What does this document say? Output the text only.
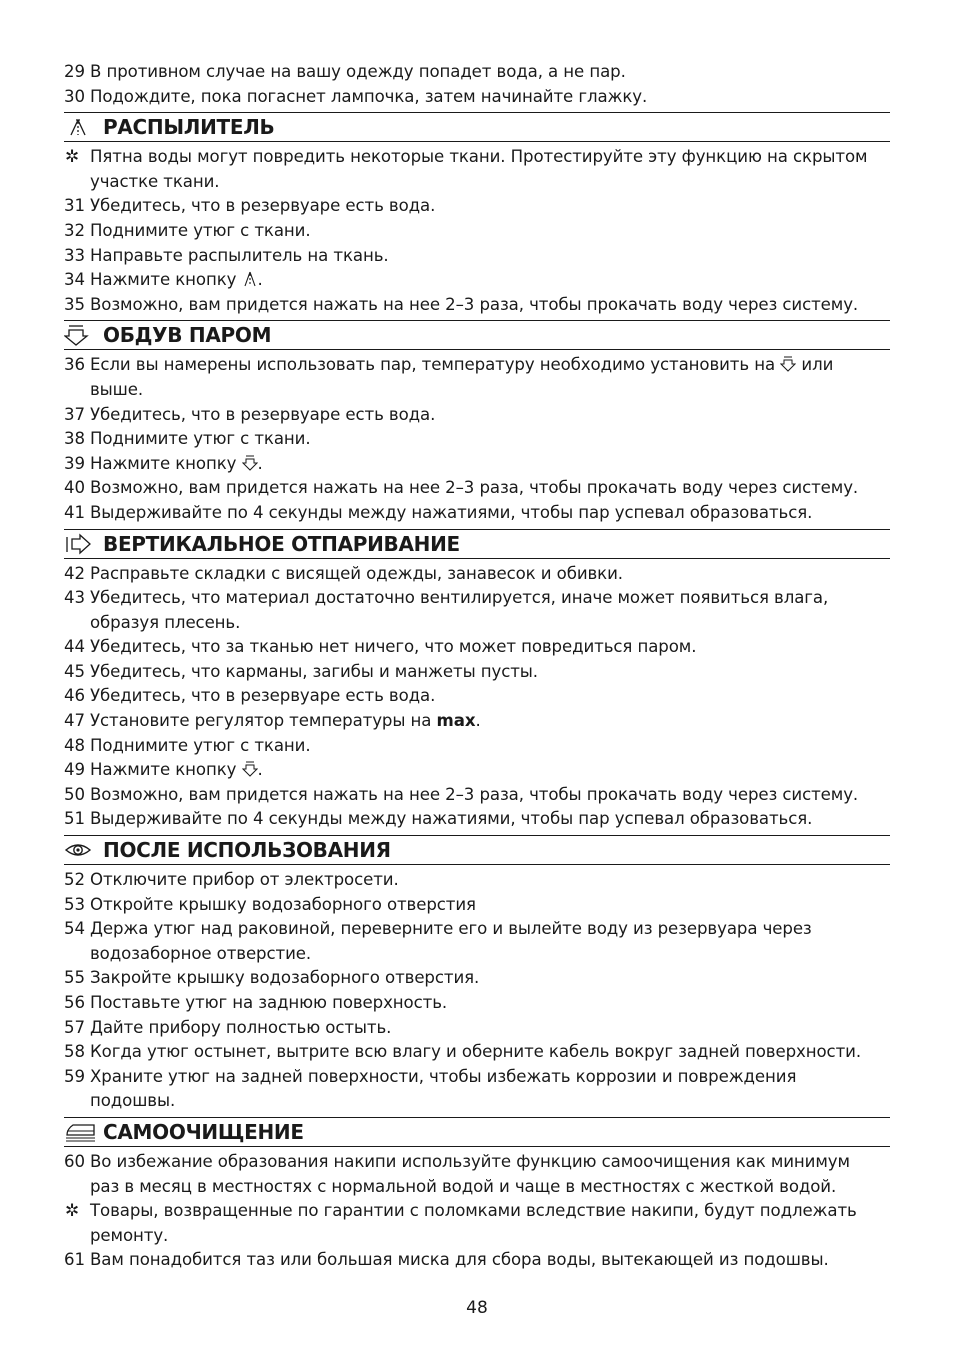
29 В противном случае на вашу одежду попадет вода, а не пар.
30 Подождите, пока погаснет лампочка, затем начинайте глажку.
РАСПЫЛИТЕЛЬ
✲ Пятна воды могут повредить некоторые ткани. Протестируйте эту функцию на скрытом
участке ткани.
31 Убедитесь, что в резервуаре есть вода.
32 Поднимите утюг с ткани.
33 Направьте распылитель на ткань.
34 Нажмите кнопку .
35 Возможно, вам придется нажать на нее 2–3 раза, чтобы прокачать воду через систему.
ОБДУВ ПАРОМ
36 Если вы намерены использовать пар, температуру необходимо установить на  или
выше.
37 Убедитесь, что в резервуаре есть вода.
38 Поднимите утюг с ткани.
39 Нажмите кнопку .
40 Возможно, вам придется нажать на нее 2–3 раза, чтобы прокачать воду через систему.
41 Выдерживайте по 4 секунды между нажатиями, чтобы пар успевал образоваться.
ВЕРТИКАЛЬНОЕ ОТПАРИВАНИЕ
42 Расправьте складки с висящей одежды, занавесок и обивки.
43 Убедитесь, что материал достаточно вентилируется, иначе может появиться влага,
образуя плесень.
44 Убедитесь, что за тканью нет ничего, что может повредиться паром.
45 Убедитесь, что карманы, загибы и манжеты пусты.
46 Убедитесь, что в резервуаре есть вода.
47 Установите регулятор температуры на max.
48 Поднимите утюг с ткани.
49 Нажмите кнопку .
50 Возможно, вам придется нажать на нее 2–3 раза, чтобы прокачать воду через систему.
51 Выдерживайте по 4 секунды между нажатиями, чтобы пар успевал образоваться.
ПОСЛЕ ИСПОЛЬЗОВАНИЯ
52 Отключите прибор от электросети.
53 Откройте крышку водозаборного отверстия
54 Держа утюг над раковиной, переверните его и вылейте воду из резервуара через
водозаборное отверстие.
55 Закройте крышку водозаборного отверстия.
56 Поставьте утюг на заднюю поверхность.
57 Дайте прибору полностью остыть.
58 Когда утюг остынет, вытрите всю влагу и оберните кабель вокруг задней поверхности.
59 Храните утюг на задней поверхности, чтобы избежать коррозии и повреждения
подошвы.
САМООЧИЩЕНИЕ
60 Во избежание образования накипи используйте функцию самоочищения как минимум
раз в месяц в местностях с нормальной водой и чаще в местностях с жесткой водой.
✲ Товары, возвращенные по гарантии с поломками вследствие накипи, будут подлежать
ремонту.
61 Вам понадобится таз или большая миска для сбора воды, вытекающей из подошвы.
48
